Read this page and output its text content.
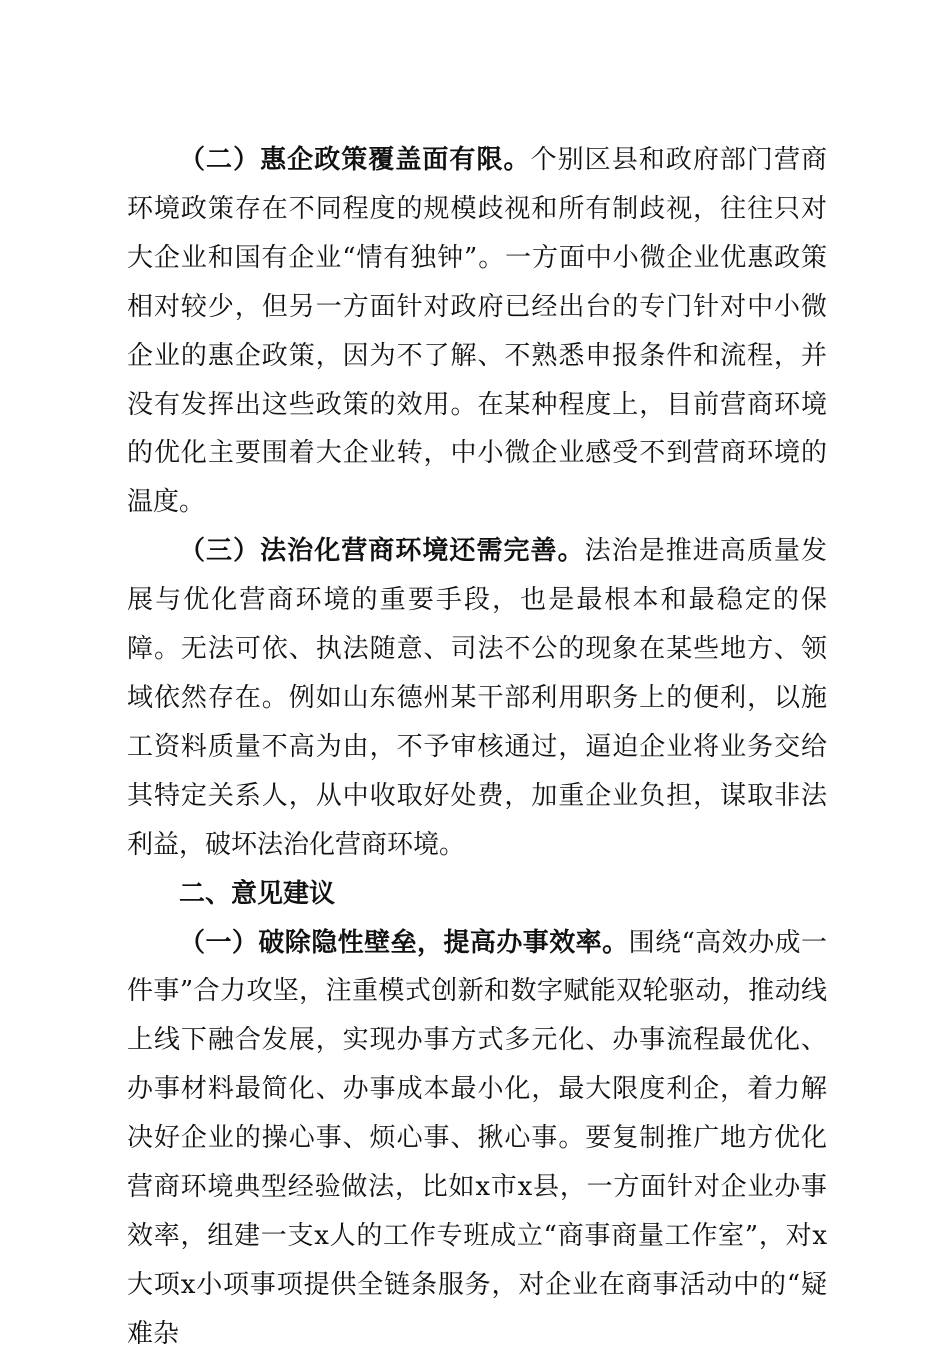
（二）惠企政策覆盖面有限。个别区县和政府部门营商环境政策存在不同程度的规模歧视和所有制歧视，往往只对大企业和国有企业“情有独钟”。一方面中小微企业优惠政策相对较少，但另一方面针对政府已经出台的专门针对中小微企业的惠企政策，因为不了解、不熟悉申报条件和流程，并没有发挥出这些政策的效用。在某种程度上，目前营商环境的优化主要围着大企业转，中小微企业感受不到营商环境的温度。

（三）法治化营商环境还需完善。法治是推进高质量发展与优化营商环境的重要手段，也是最根本和最稳定的保障。无法可依、执法随意、司法不公的现象在某些地方、领域依然存在。例如山东德州某干部利用职务上的便利，以施工资料质量不高为由，不予审核通过，逼迫企业将业务交给其特定关系人，从中收取好处费，加重企业负担，谋取非法利益，破坏法治化营商环境。

二、意见建议

（一）破除隐性壁垒，提高办事效率。围绕“高效办成一件事”合力攻坚，注重模式创新和数字赋能双轮驱动，推动线上线下融合发展，实现办事方式多元化、办事流程最优化、办事材料最简化、办事成本最小化，最大限度利企，着力解决好企业的操心事、烦心事、揪心事。要复制推广地方优化营商环境典型经验做法，比如x市x县，一方面针对企业办事效率，组建一支x人的工作专班成立“商事商量工作室”，对x大项x小项事项提供全链条服务，对企业在商事活动中的“疑难杂
